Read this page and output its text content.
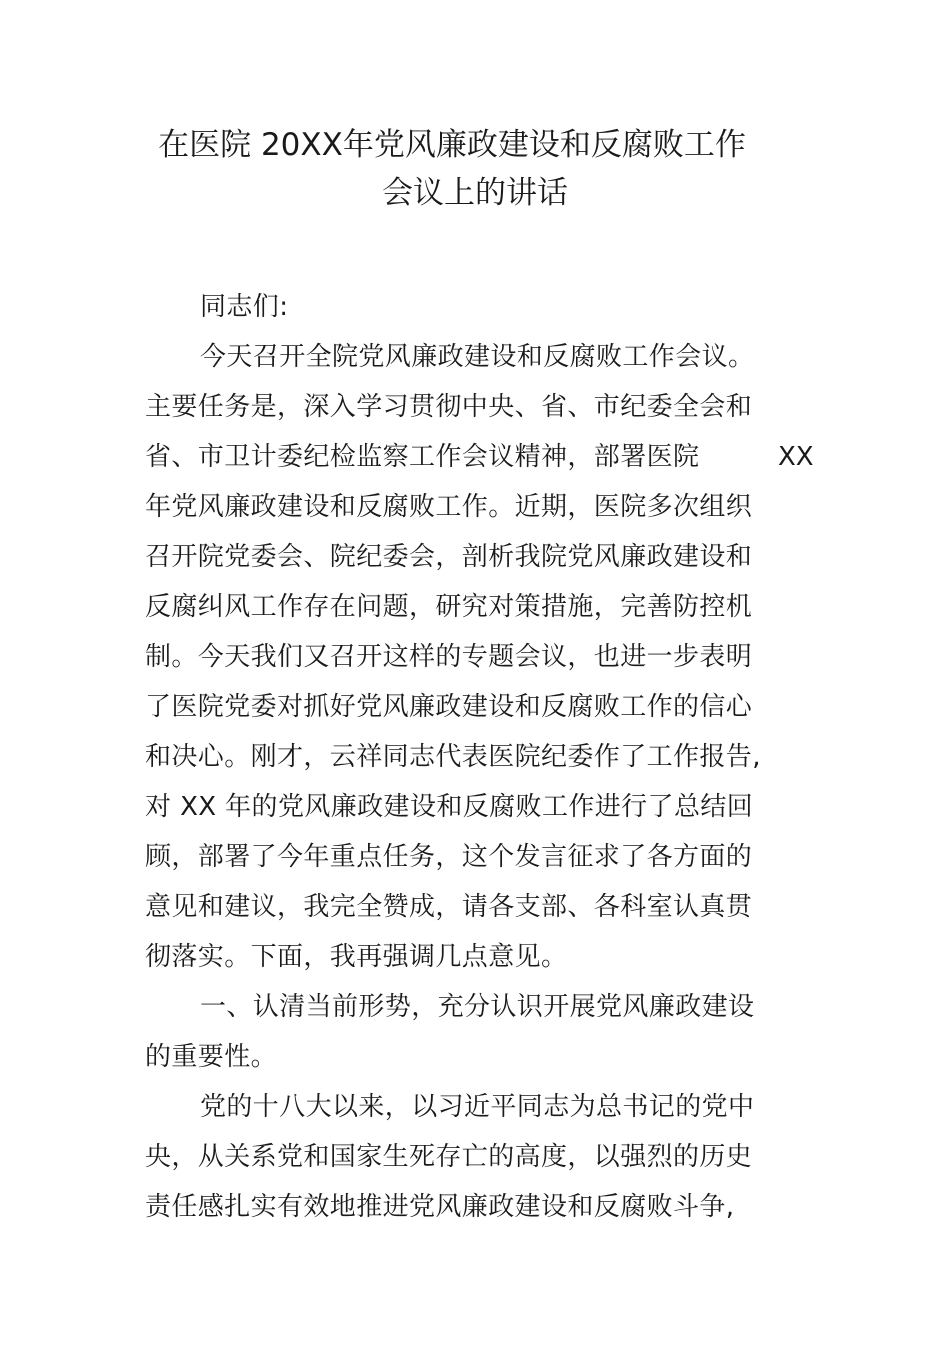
在医院 20XX年党风廉政建设和反腐败工作
会议上的讲话
同志们:
今天召开全院党风廉政建设和反腐败工作会议。
主要任务是，深入学习贯彻中央、省、市纪委全会和
省、市卫计委纪检监察工作会议精神，部署医院	XX
年党风廉政建设和反腐败工作。近期，医院多次组织
召开院党委会、院纪委会，剖析我院党风廉政建设和
反腐纠风工作存在问题，研究对策措施，完善防控机
制。今天我们又召开这样的专题会议，也进一步表明
了医院党委对抓好党风廉政建设和反腐败工作的信心
和决心。刚才，云祥同志代表医院纪委作了工作报告,
对 XX 年的党风廉政建设和反腐败工作进行了总结回
顾，部署了今年重点任务，这个发言征求了各方面的
意见和建议，我完全赞成，请各支部、各科室认真贯
彻落实。下面，我再强调几点意见。
一、认清当前形势，充分认识开展党风廉政建设
的重要性。
党的十八大以来，以习近平同志为总书记的党中
央，从关系党和国家生死存亡的高度，以强烈的历史
责任感扎实有效地推进党风廉政建设和反腐败斗争,
